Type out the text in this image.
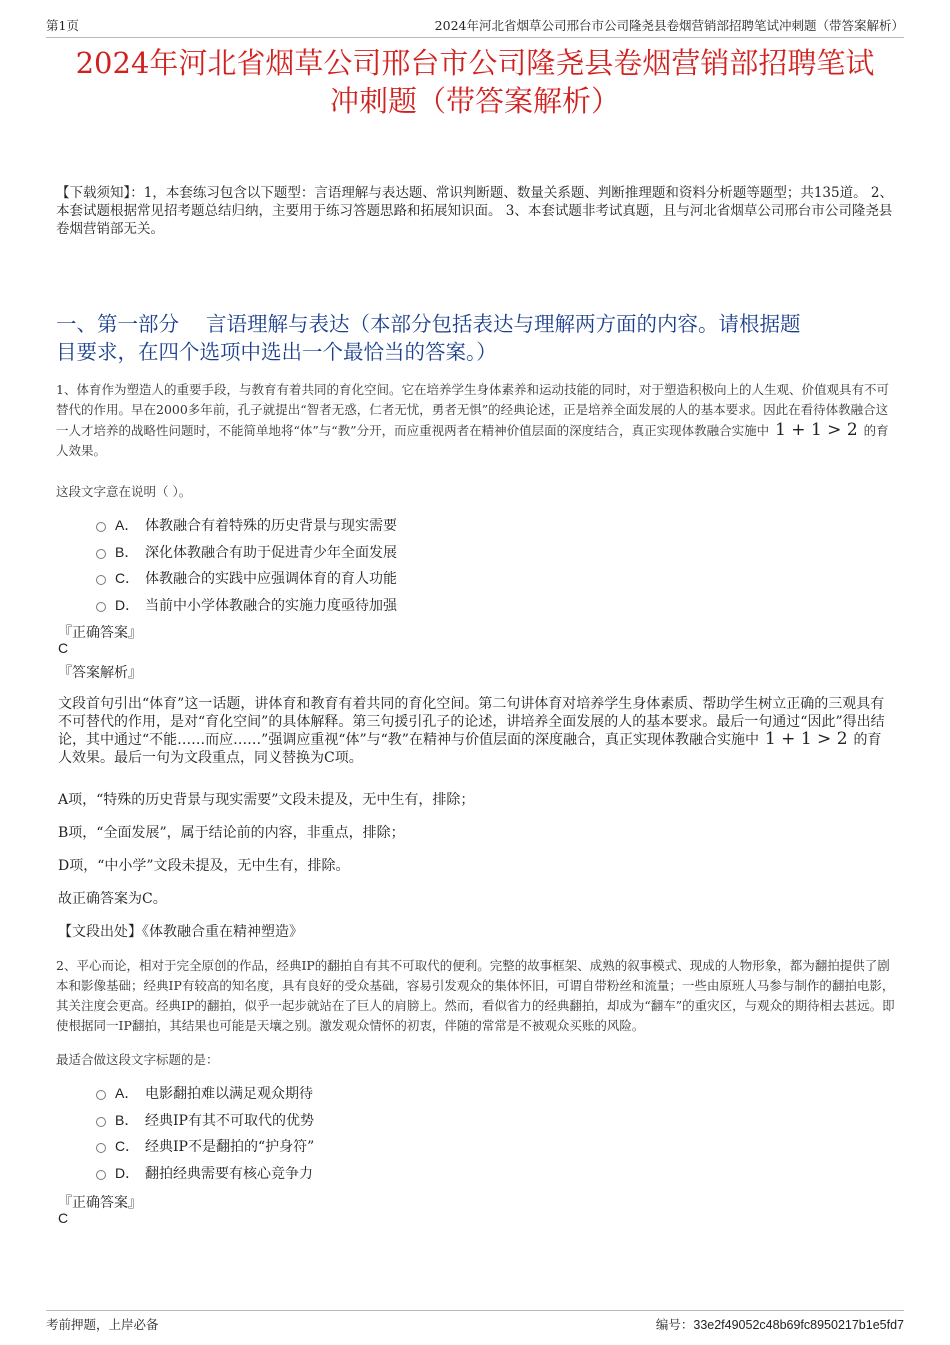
第1页	2024年河北省烟草公司邢台市公司隆尧县卷烟营销部招聘笔试冲刺题（带答案解析）
2024年河北省烟草公司邢台市公司隆尧县卷烟营销部招聘笔试
冲刺题（带答案解析）
【下载须知】：1，本套练习包含以下题型：言语理解与表达题、常识判断题、数量关系题、判断推理题和资料分析题等题型；共135道。 2、本套试题根据常见招考题总结归纳，主要用于练习答题思路和拓展知识面。 3、本套试题非考试真题，且与河北省烟草公司邢台市公司隆尧县卷烟营销部无关。
一、第一部分　 言语理解与表达（本部分包括表达与理解两方面的内容。请根据题
目要求，在四个选项中选出一个最恰当的答案。）
1、体育作为塑造人的重要手段，与教育有着共同的育化空间。它在培养学生身体素养和运动技能的同时，对于塑造积极向上的人生观、价值观具有不可替代的作用。早在2000多年前，孔子就提出“智者无惑，仁者无忧，勇者无惧”的经典论述，正是培养全面发展的人的基本要求。因此在看待体教融合这一人才培养的战略性问题时，不能简单地将“体”与“教”分开，而应重视两者在精神价值层面的深度结合，真正实现体教融合实施中 1 + 1 > 2 的育人效果。
这段文字意在说明（ ）。
A． 体教融合有着特殊的历史背景与现实需要
B． 深化体教融合有助于促进青少年全面发展
C． 体教融合的实践中应强调体育的育人功能
D． 当前中小学体教融合的实施力度亟待加强
『正确答案』
C
『答案解析』
文段首句引出“体育”这一话题，讲体育和教育有着共同的育化空间。第二句讲体育对培养学生身体素质、帮助学生树立正确的三观具有不可替代的作用，是对“育化空间”的具体解释。第三句援引孔子的论述，讲培养全面发展的人的基本要求。最后一句通过“因此”得出结论，其中通过“不能……而应……”强调应重视“体”与“教”在精神与价值层面的深度融合，真正实现体教融合实施中 1 + 1 > 2 的育人效果。最后一句为文段重点，同义替换为C项。
A项，“特殊的历史背景与现实需要”文段未提及，无中生有，排除；
B项，“全面发展”，属于结论前的内容，非重点，排除；
D项，“中小学”文段未提及，无中生有，排除。
故正确答案为C。
【文段出处】《体教融合重在精神塑造》
2、平心而论，相对于完全原创的作品，经典IP的翻拍自有其不可取代的便利。完整的故事框架、成熟的叙事模式、现成的人物形象，都为翻拍提供了剧本和影像基础；经典IP有较高的知名度，具有良好的受众基础，容易引发观众的集体怀旧，可谓自带粉丝和流量；一些由原班人马参与制作的翻拍电影，其关注度会更高。经典IP的翻拍，似乎一起步就站在了巨人的肩膀上。然而，看似省力的经典翻拍，却成为“翻车”的重灾区，与观众的期待相去甚远。即使根据同一IP翻拍，其结果也可能是天壤之别。激发观众情怀的初衷，伴随的常常是不被观众买账的风险。
最适合做这段文字标题的是：
A． 电影翻拍难以满足观众期待
B． 经典IP有其不可取代的优势
C． 经典IP不是翻拍的“护身符”
D． 翻拍经典需要有核心竞争力
『正确答案』
C
考前押题，上岸必备	编号：33e2f49052c48b69fc8950217b1e5fd7
